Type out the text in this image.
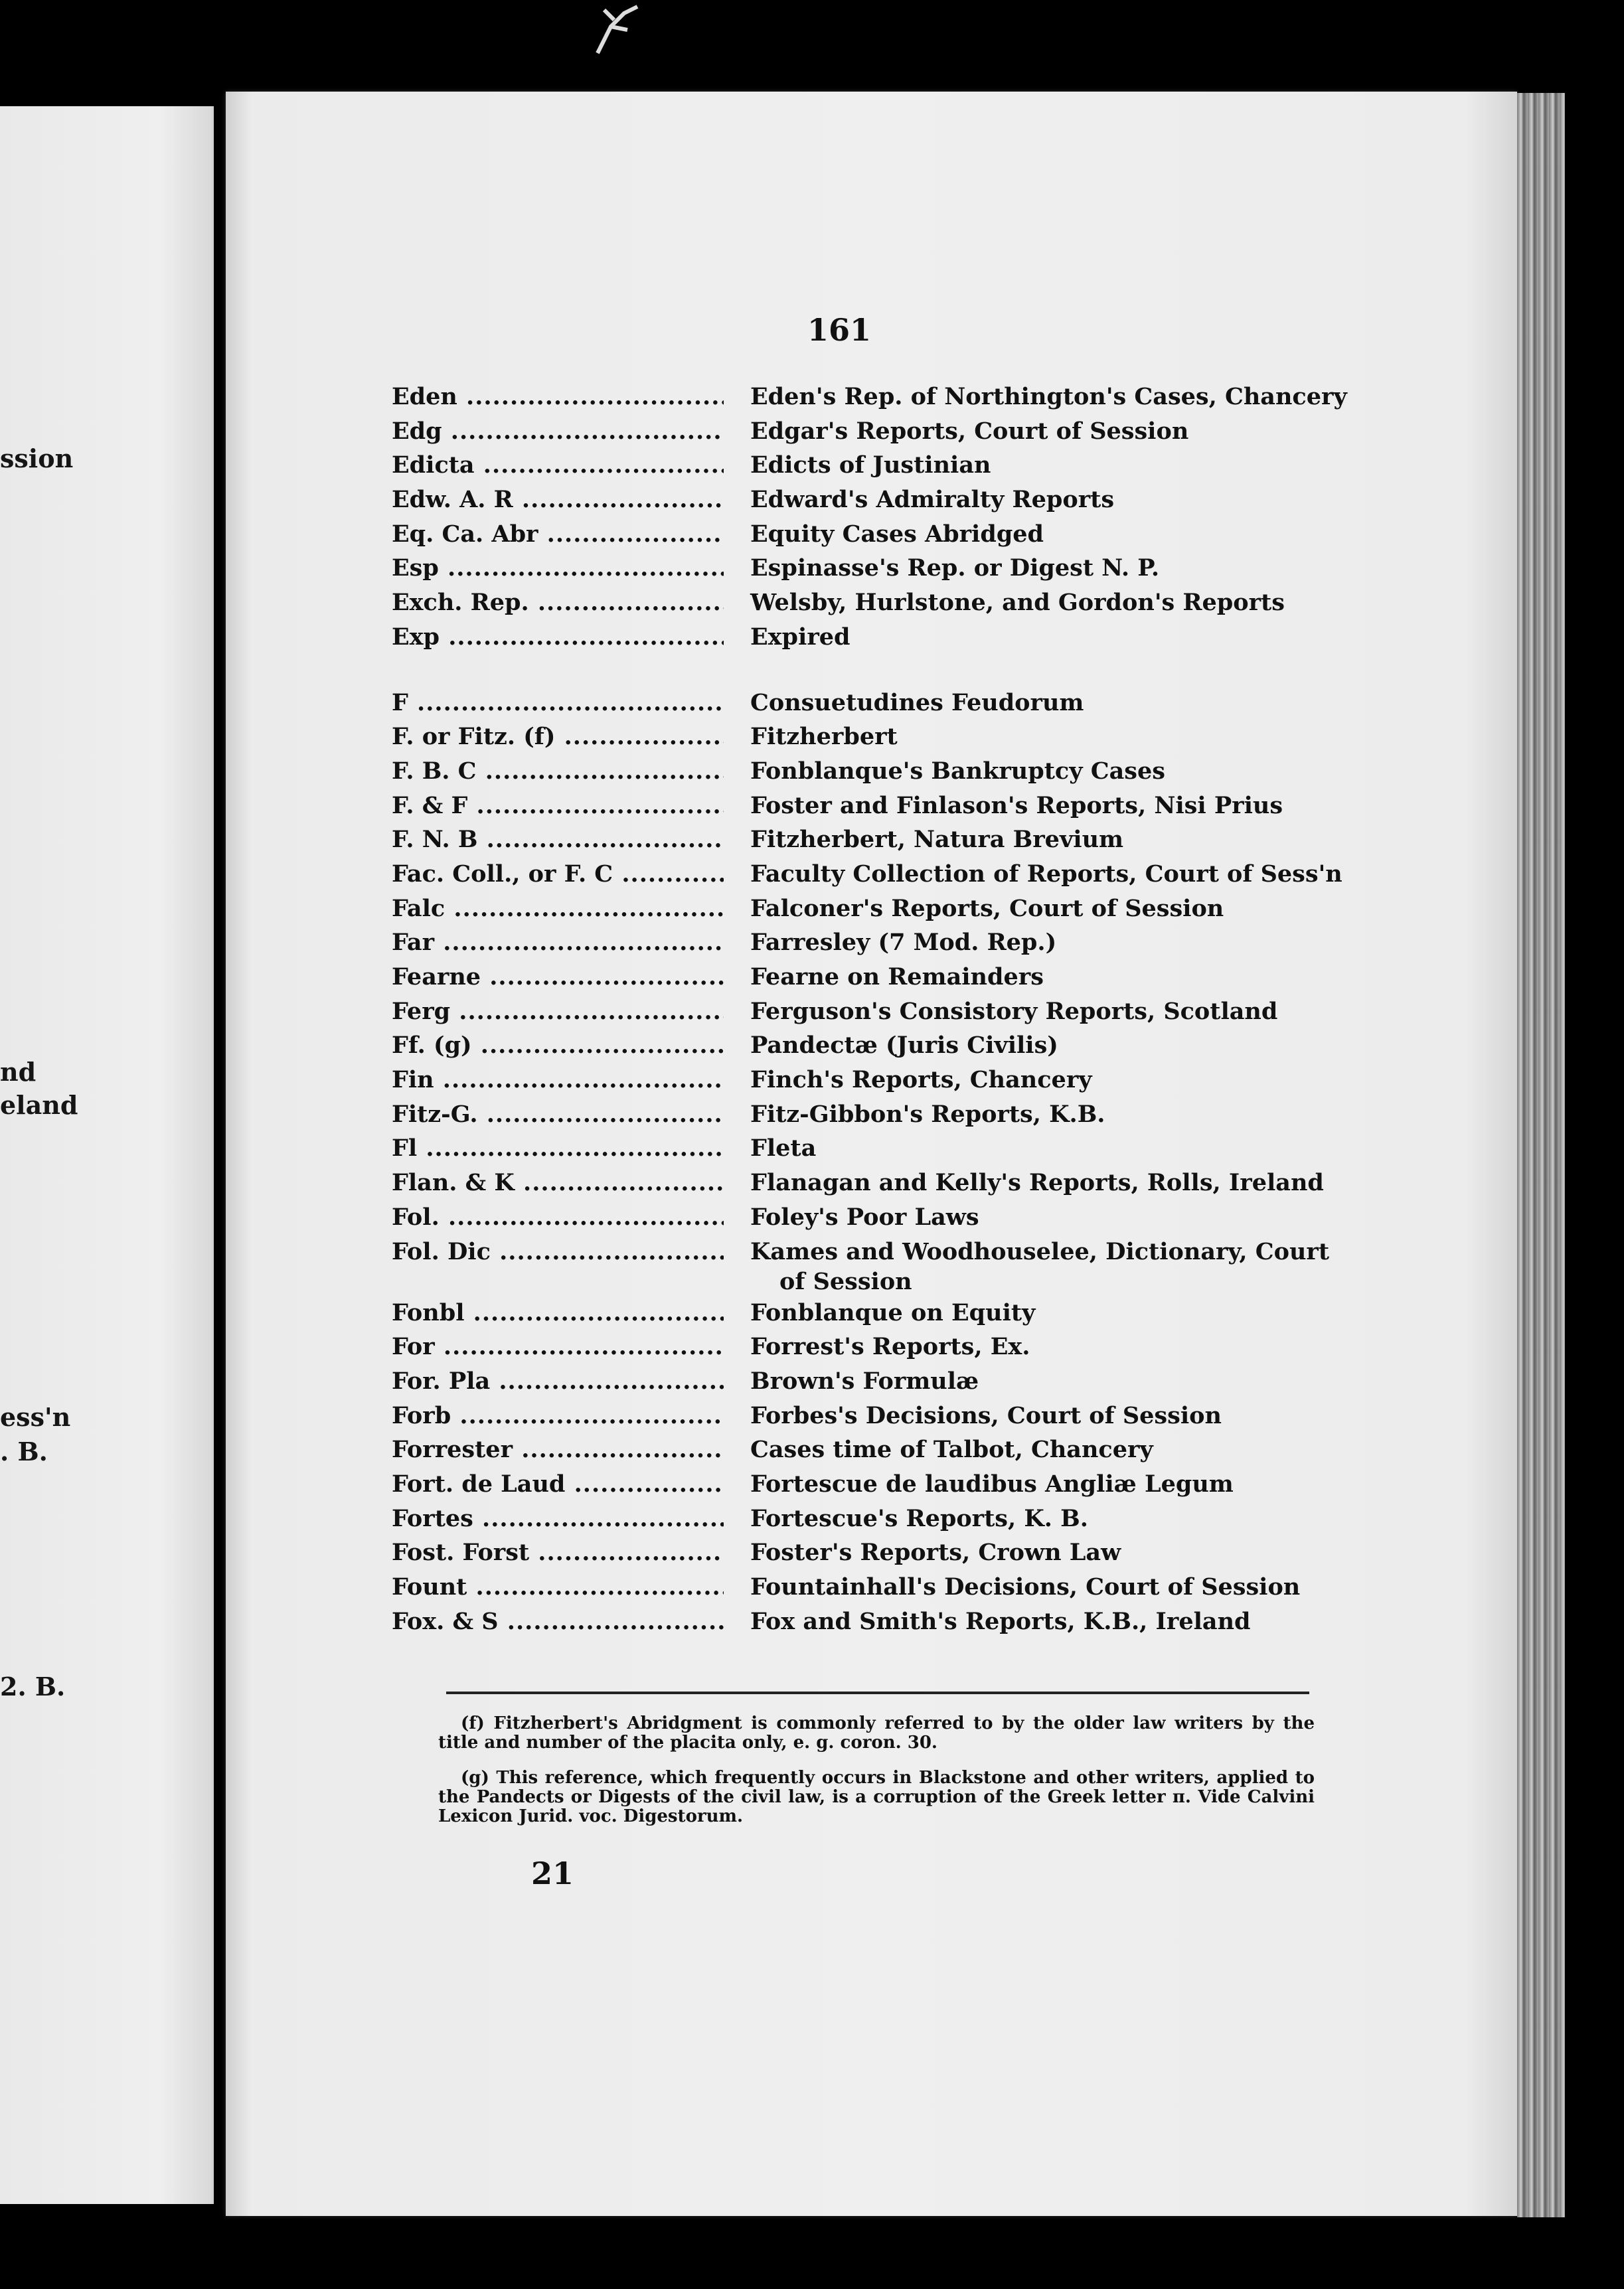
ssion
nd
eland
ess'n
. B.
2. B.
161
Eden .....	Eden's Rep. of Northington's Cases, Chancery
Edg .....	Edgar's Reports, Court of Session
Edicta .....	Edicts of Justinian
Edw. A. R .....	Edward's Admiralty Reports
Eq. Ca. Abr .....	Equity Cases Abridged
Esp .....	Espinasse's Rep. or Digest N. P.
Exch. Rep. .....	Welsby, Hurlstone, and Gordon's Reports
Exp .....	Expired
F .....	Consuetudines Feudorum
F. or Fitz. (f) .....	Fitzherbert
F. B. C .....	Fonblanque's Bankruptcy Cases
F. & F .....	Foster and Finlason's Reports, Nisi Prius
F. N. B .....	Fitzherbert, Natura Brevium
Fac. Coll., or F. C .....	Faculty Collection of Reports, Court of Sess'n
Falc .....	Falconer's Reports, Court of Session
Far .....	Farresley (7 Mod. Rep.)
Fearne .....	Fearne on Remainders
Ferg .....	Ferguson's Consistory Reports, Scotland
Ff. (g) .....	Pandectæ (Juris Civilis)
Fin .....	Finch's Reports, Chancery
Fitz-G. .....	Fitz-Gibbon's Reports, K.B.
Fl .....	Fleta
Flan. & K .....	Flanagan and Kelly's Reports, Rolls, Ireland
Fol. .....	Foley's Poor Laws
Fol. Dic .....	Kames and Woodhouselee, Dictionary, Court
of Session
Fonbl .....	Fonblanque on Equity
For .....	Forrest's Reports, Ex.
For. Pla .....	Brown's Formulæ
Forb .....	Forbes's Decisions, Court of Session
Forrester .....	Cases time of Talbot, Chancery
Fort. de Laud .....	Fortescue de laudibus Angliæ Legum
Fortes .....	Fortescue's Reports, K. B.
Fost. Forst .....	Foster's Reports, Crown Law
Fount .....	Fountainhall's Decisions, Court of Session
Fox. & S .....	Fox and Smith's Reports, K.B., Ireland

(f) Fitzherbert's Abridgment is commonly referred to by the older law writers by the title and number of the placita only, e. g. coron. 30.

(g) This reference, which frequently occurs in Blackstone and other writers, applied to the Pandects or Digests of the civil law, is a corruption of the Greek letter π. Vide Calvini Lexicon Jurid. voc. Digestorum.

21
